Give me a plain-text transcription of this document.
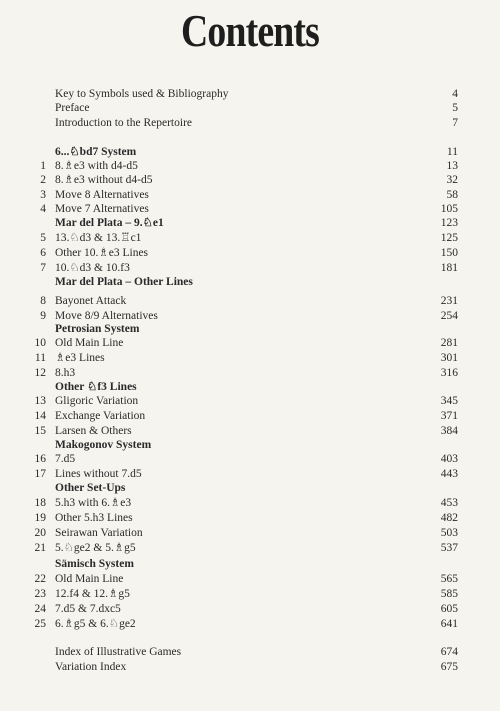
Contents
Key to Symbols used & Bibliography	4
Preface	5
Introduction to the Repertoire	7
6...♘bd7 System	11
1 8.♗e3 with d4-d5	13
2 8.♗e3 without d4-d5	32
3 Move 8 Alternatives	58
4 Move 7 Alternatives	105
Mar del Plata – 9.♘e1	123
5 13.♘d3 & 13.♖c1	125
6 Other 10.♗e3 Lines	150
7 10.♘d3 & 10.f3	181
Mar del Plata – Other Lines
8 Bayonet Attack	231
9 Move 8/9 Alternatives	254
Petrosian System
10 Old Main Line	281
11 ♗e3 Lines	301
12 8.h3	316
Other ♘f3 Lines
13 Gligoric Variation	345
14 Exchange Variation	371
15 Larsen & Others	384
Makogonov System
16 7.d5	403
17 Lines without 7.d5	443
Other Set-Ups
18 5.h3 with 6.♗e3	453
19 Other 5.h3 Lines	482
20 Seirawan Variation	503
21 5.♘ge2 & 5.♗g5	537
Sämisch System
22 Old Main Line	565
23 12.f4 & 12.♗g5	585
24 7.d5 & 7.dxc5	605
25 6.♗g5 & 6.♘ge2	641
Index of Illustrative Games	674
Variation Index	675
